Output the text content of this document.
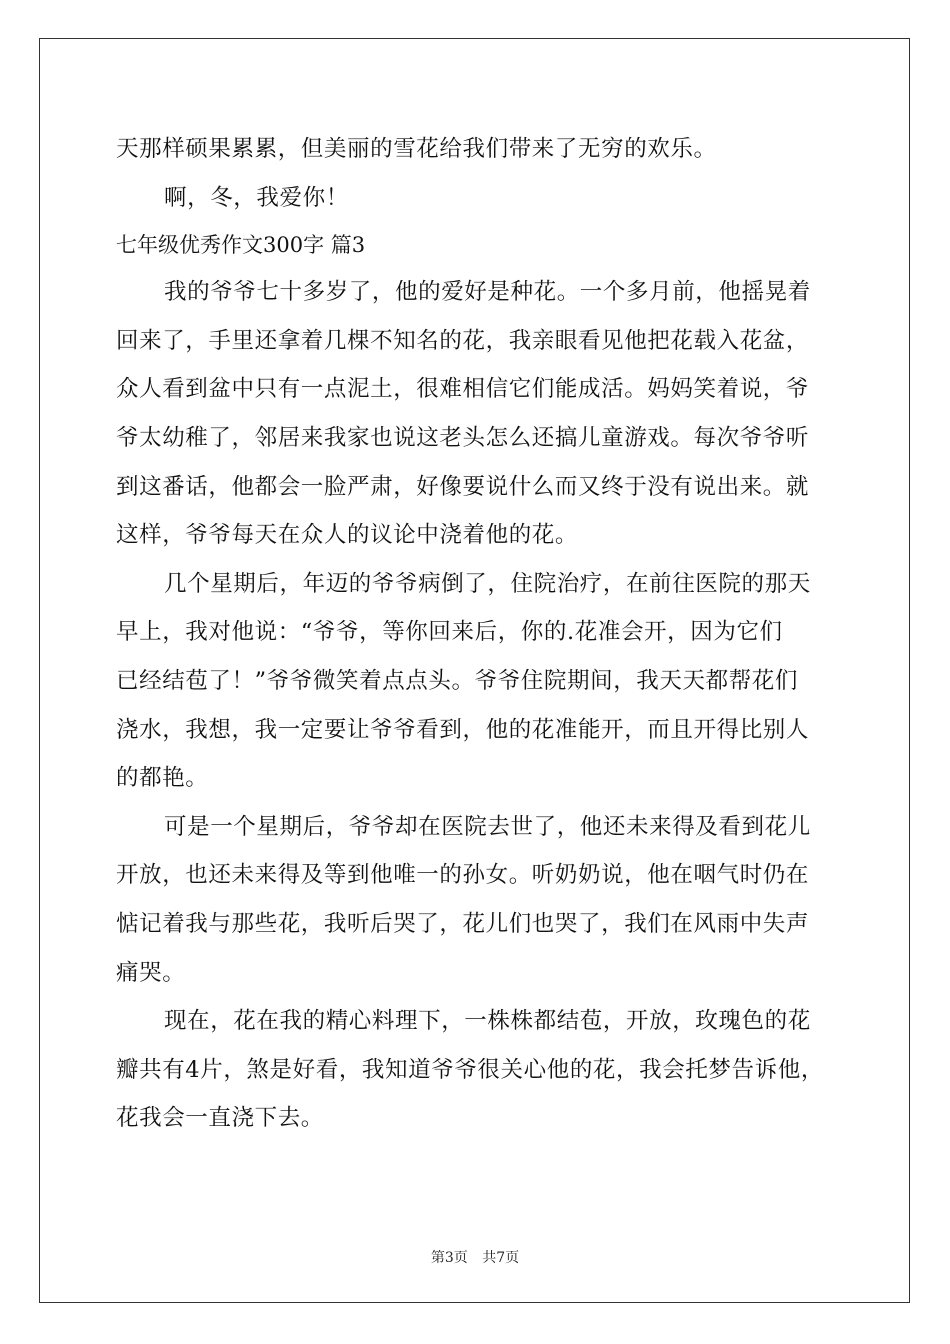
天那样硕果累累，但美丽的雪花给我们带来了无穷的欢乐。
啊，冬，我爱你！
七年级优秀作文300字 篇3
我的爷爷七十多岁了，他的爱好是种花。一个多月前，他摇晃着
回来了，手里还拿着几棵不知名的花，我亲眼看见他把花载入花盆，
众人看到盆中只有一点泥土，很难相信它们能成活。妈妈笑着说，爷
爷太幼稚了，邻居来我家也说这老头怎么还搞儿童游戏。每次爷爷听
到这番话，他都会一脸严肃，好像要说什么而又终于没有说出来。就
这样，爷爷每天在众人的议论中浇着他的花。
几个星期后，年迈的爷爷病倒了，住院治疗，在前往医院的那天
早上，我对他说：“爷爷，等你回来后，你的.花准会开，因为它们
已经结苞了！”爷爷微笑着点点头。爷爷住院期间，我天天都帮花们
浇水，我想，我一定要让爷爷看到，他的花准能开，而且开得比别人
的都艳。
可是一个星期后，爷爷却在医院去世了，他还未来得及看到花儿
开放，也还未来得及等到他唯一的孙女。听奶奶说，他在咽气时仍在
惦记着我与那些花，我听后哭了，花儿们也哭了，我们在风雨中失声
痛哭。
现在，花在我的精心料理下，一株株都结苞，开放，玫瑰色的花
瓣共有4片，煞是好看，我知道爷爷很关心他的花，我会托梦告诉他，
花我会一直浇下去。
第3页 共7页
